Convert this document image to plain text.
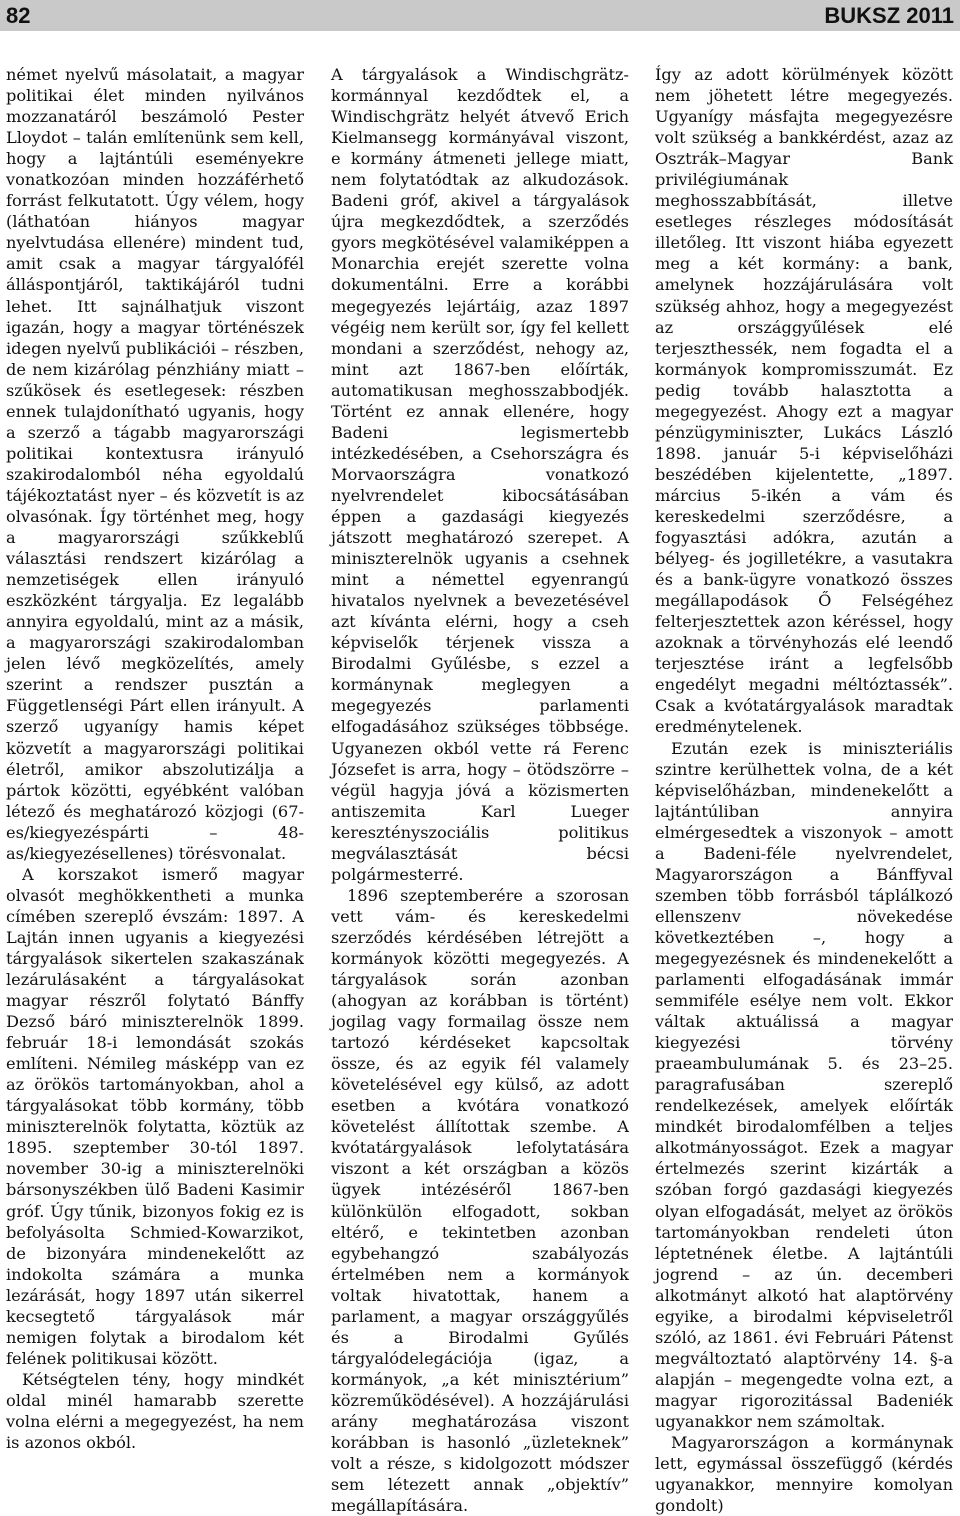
82	BUKSZ 2011

német nyelvű másolatait, a magyar politikai élet minden nyilvános mozzanatáról beszámoló Pester Lloydot – talán említenünk sem kell, hogy a lajtántúli eseményekre vonatkozóan minden hozzáférhető forrást felkutatott. Úgy vélem, hogy (láthatóan hiányos magyar nyelvtudása ellenére) mindent tud, amit csak a magyar tárgyalófél álláspontjáról, taktikájáról tudni lehet. Itt sajnálhatjuk viszont igazán, hogy a magyar történészek idegen nyelvű publikációi – részben, de nem kizárólag pénzhiány miatt – szűkösek és esetlegesek: részben ennek tulajdonítható ugyanis, hogy a szerző a tágabb magyarországi politikai kontextusra irányuló szakirodalomból néha egyoldalú tájékoztatást nyer – és közvetít is az olvasónak. Így történhet meg, hogy a magyarországi szűkkeblű választási rendszert kizárólag a nemzetiségek ellen irányuló eszközként tárgyalja. Ez legalább annyira egyoldalú, mint az a másik, a magyarországi szakirodalomban jelen lévő megközelítés, amely szerint a rendszer pusztán a Függetlenségi Párt ellen irányult. A szerző ugyanígy hamis képet közvetít a magyarországi politikai életről, amikor abszolutizálja a pártok közötti, egyébként valóban létező és meghatározó közjogi (67-es/kiegyezéspárti – 48-as/kiegyezésellenes) törésvonalat.

A korszakot ismerő magyar olvasót meghökkentheti a munka címében szereplő évszám: 1897. A Lajtán innen ugyanis a kiegyezési tárgyalások sikertelen szakaszának lezárulásaként a tárgyalásokat magyar részről folytató Bánffy Dezső báró miniszterelnök 1899. február 18-i lemondását szokás említeni. Némileg másképp van ez az örökös tartományokban, ahol a tárgyalásokat több kormány, több miniszterelnök folytatta, köztük az 1895. szeptember 30-tól 1897. november 30-ig a miniszterelnöki bársonyszékben ülő Badeni Kasimir gróf. Úgy tűnik, bizonyos fokig ez is befolyásolta Schmied-Kowarzikot, de bizonyára mindenekelőtt az indokolta számára a munka lezárását, hogy 1897 után sikerrel kecsegtető tárgyalások már nemigen folytak a birodalom két felének politikusai között.

Kétségtelen tény, hogy mindkét oldal minél hamarabb szerette volna elérni a megegyezést, ha nem is azonos okból.

A tárgyalások a Windischgrätz-kormánnyal kezdődtek el, a Windischgrätz helyét átvevő Erich Kielmansegg kormányával viszont, e kormány átmeneti jellege miatt, nem folytatódtak az alkudozások. Badeni gróf, akivel a tárgyalások újra megkezdődtek, a szerződés gyors megkötésével valamiképpen a Monarchia erejét szerette volna dokumentálni. Erre a korábbi megegyezés lejártáig, azaz 1897 végéig nem került sor, így fel kellett mondani a szerződést, nehogy az, mint azt 1867-ben előírták, automatikusan meghosszabbodjék. Történt ez annak ellenére, hogy Badeni legismertebb intézkedésében, a Csehországra és Morvaországra vonatkozó nyelvrendelet kibocsátásában éppen a gazdasági kiegyezés játszott meghatározó szerepet. A miniszterelnök ugyanis a csehnek mint a némettel egyenrangú hivatalos nyelvnek a bevezetésével azt kívánta elérni, hogy a cseh képviselők térjenek vissza a Birodalmi Gyűlésbe, s ezzel a kormánynak meglegyen a megegyezés parlamenti elfogadásához szükséges többsége. Ugyanezen okból vette rá Ferenc Józsefet is arra, hogy – ötödszörre – végül hagyja jóvá a közismerten antiszemita Karl Lueger keresztényszociális politikus megválasztását bécsi polgármesterré.

1896 szeptemberére a szorosan vett vám- és kereskedelmi szerződés kérdésében létrejött a kormányok közötti megegyezés. A tárgyalások során azonban (ahogyan az korábban is történt) jogilag vagy formailag össze nem tartozó kérdéseket kapcsoltak össze, és az egyik fél valamely követelésével egy külső, az adott esetben a kvótára vonatkozó követelést állítottak szembe. A kvótatárgyalások lefolytatására viszont a két országban a közös ügyek intézéséről 1867-ben különkülön elfogadott, sokban eltérő, e tekintetben azonban egybehangzó szabályozás értelmében nem a kormányok voltak hivatottak, hanem a parlament, a magyar országgyűlés és a Birodalmi Gyűlés tárgyalódelegációja (igaz, a kormányok, „a két minisztérium” közreműködésével). A hozzájárulási arány meghatározása viszont korábban is hasonló „üzleteknek” volt a része, s kidolgozott módszer sem létezett annak „objektív” megállapítására.

Így az adott körülmények között nem jöhetett létre megegyezés. Ugyanígy másfajta megegyezésre volt szükség a bankkérdést, azaz az Osztrák–Magyar Bank privilégiumának meghosszabbítását, illetve esetleges részleges módosítását illetőleg. Itt viszont hiába egyezett meg a két kormány: a bank, amelynek hozzájárulására volt szükség ahhoz, hogy a megegyezést az országgyűlések elé terjeszthessék, nem fogadta el a kormányok kompromisszumát. Ez pedig tovább halasztotta a megegyezést. Ahogy ezt a magyar pénzügyminiszter, Lukács László 1898. január 5-i képviselőházi beszédében kijelentette, „1897. március 5-ikén a vám és kereskedelmi szerződésre, a fogyasztási adókra, azután a bélyeg- és jogilletékre, a vasutakra és a bank-ügyre vonatkozó összes megállapodások Ő Felségéhez felterjesztettek azon kéréssel, hogy azoknak a törvényhozás elé leendő terjesztése iránt a legfelsőbb engedélyt megadni méltóztassék”. Csak a kvótatárgyalások maradtak eredménytelenek.

Ezután ezek is miniszteriális szintre kerülhettek volna, de a két képviselőházban, mindenekelőtt a lajtántúliban annyira elmérgesedtek a viszonyok – amott a Badeni-féle nyelvrendelet, Magyarországon a Bánffyval szemben több forrásból táplálkozó ellenszenv növekedése következtében –, hogy a megegyezésnek és mindenekelőtt a parlamenti elfogadásának immár semmiféle esélye nem volt. Ekkor váltak aktuálissá a magyar kiegyezési törvény praeambulumának 5. és 23–25. paragrafusában szereplő rendelkezések, amelyek előírták mindkét birodalomfélben a teljes alkotmányosságot. Ezek a magyar értelmezés szerint kizárták a szóban forgó gazdasági kiegyezés olyan elfogadását, melyet az örökös tartományokban rendeleti úton léptetnének életbe. A lajtántúli jogrend – az ún. decemberi alkotmányt alkotó hat alaptörvény egyike, a birodalmi képviseletről szóló, az 1861. évi Februári Pátenst megváltoztató alaptörvény 14. §-a alapján – megengedte volna ezt, a magyar rigorozitással Badeniék ugyanakkor nem számoltak.

Magyarországon a kormánynak lett, egymással összefüggő (kérdés ugyanakkor, mennyire komolyan gondolt)
